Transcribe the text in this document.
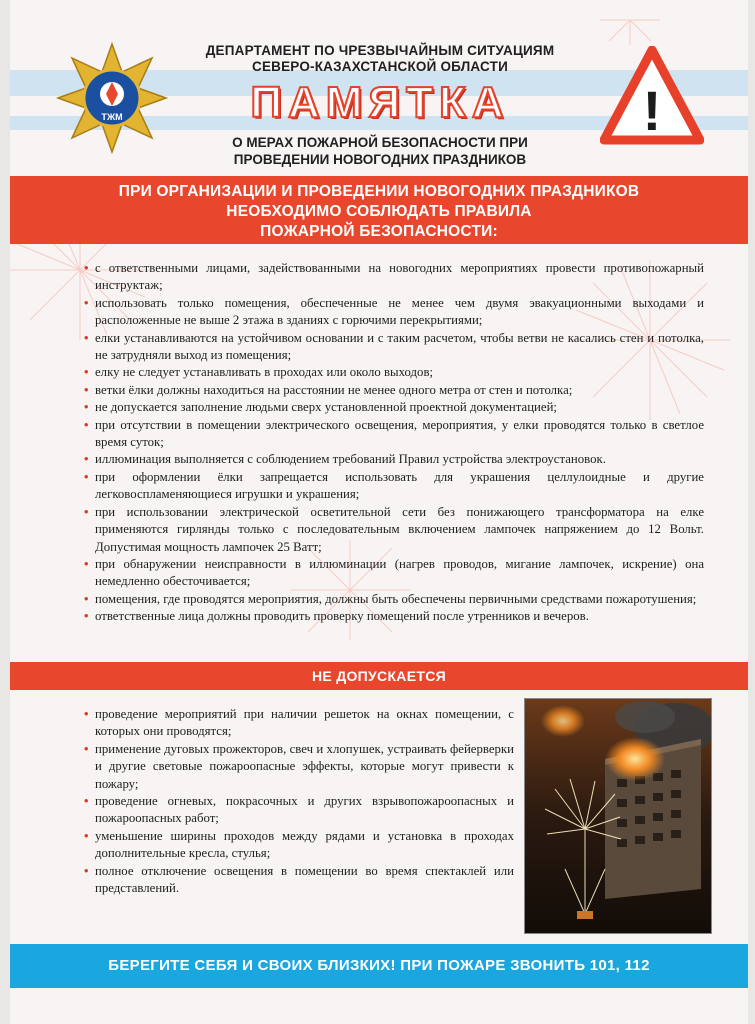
ТЖМ	!
ДЕПАРТАМЕНТ ПО ЧРЕЗВЫЧАЙНЫМ СИТУАЦИЯМ
СЕВЕРО-КАЗАХСТАНСКОЙ ОБЛАСТИ
ПАМЯТКА
О МЕРАХ ПОЖАРНОЙ БЕЗОПАСНОСТИ ПРИ
ПРОВЕДЕНИИ НОВОГОДНИХ ПРАЗДНИКОВ
ПРИ ОРГАНИЗАЦИИ И ПРОВЕДЕНИИ НОВОГОДНИХ ПРАЗДНИКОВ
НЕОБХОДИМО СОБЛЮДАТЬ ПРАВИЛА
ПОЖАРНОЙ БЕЗОПАСНОСТИ:
• с ответственными лицами, задействованными на новогодних мероприятиях провести противопожарный инструктаж;
• использовать только помещения, обеспеченные не менее чем двумя эвакуационными выходами и расположенные не выше 2 этажа в зданиях с горючими перекрытиями;
• елки устанавливаются на устойчивом основании и с таким расчетом, чтобы ветви не касались стен и потолка, не затрудняли выход из помещения;
• елку не следует устанавливать в проходах или около выходов;
• ветки ёлки должны находиться на расстоянии не менее одного метра от стен и потолка;
• не допускается заполнение людьми сверх установленной проектной документацией;
• при отсутствии в помещении электрического освещения, мероприятия, у елки проводятся только в светлое время суток;
• иллюминация выполняется с соблюдением требований Правил устройства электроустановок.
• при оформлении ёлки запрещается использовать для украшения целлулоидные и другие легковоспламеняющиеся игрушки и украшения;
• при использовании электрической осветительной сети без понижающего трансформатора на елке применяются гирлянды только с последовательным включением лампочек напряжением до 12 Вольт. Допустимая мощность лампочек 25 Ватт;
• при обнаружении неисправности в иллюминации (нагрев проводов, мигание лампочек, искрение) она немедленно обесточивается;
• помещения, где проводятся мероприятия, должны быть обеспечены первичными средствами пожаротушения;
• ответственные лица должны проводить проверку помещений после утренников и вечеров.
НЕ ДОПУСКАЕТСЯ
• проведение мероприятий при наличии решеток на окнах помещении, с которых они проводятся;
• применение дуговых прожекторов, свеч и хлопушек, устраивать фейерверки и другие световые пожароопасные эффекты, которые могут привести к пожару;
• проведение огневых, покрасочных и других взрывопожароопасных и пожароопасных работ;
• уменьшение ширины проходов между рядами и установка в проходах дополнительные кресла, стулья;
• полное отключение освещения в помещении во время спектаклей или представлений.
БЕРЕГИТЕ СЕБЯ И СВОИХ БЛИЗКИХ! ПРИ ПОЖАРЕ ЗВОНИТЬ 101, 112
